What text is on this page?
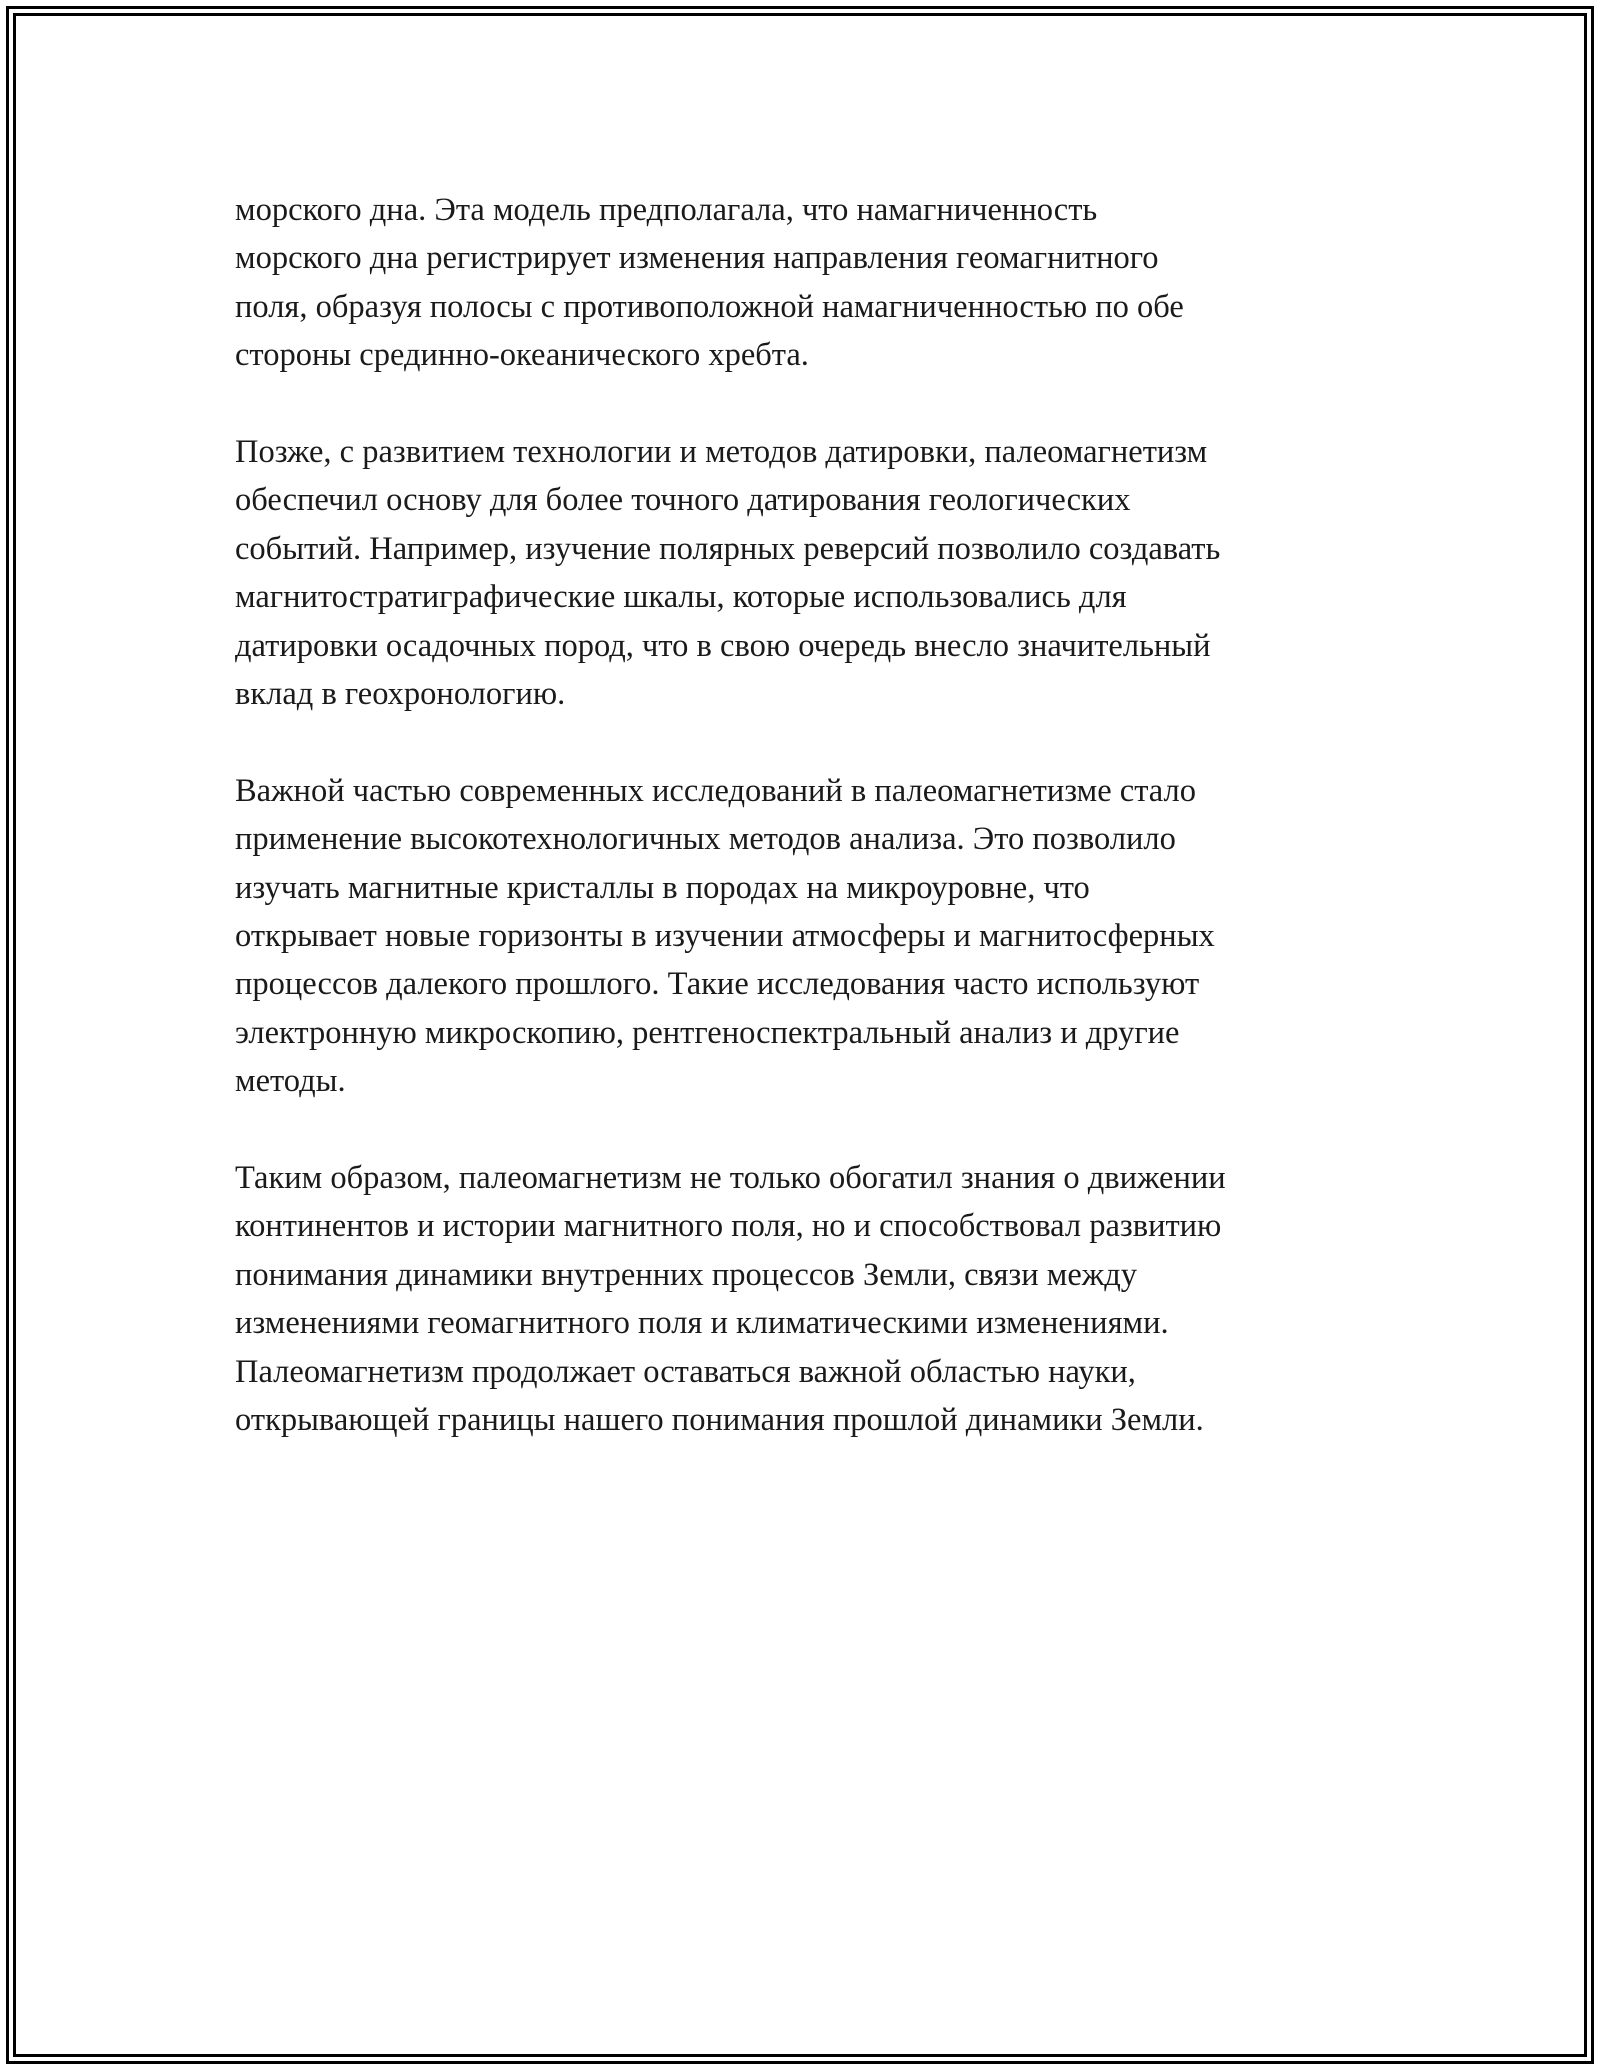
морского дна. Эта модель предполагала, что намагниченность
морского дна регистрирует изменения направления геомагнитного
поля, образуя полосы с противоположной намагниченностью по обе
стороны срединно-океанического хребта.

Позже, с развитием технологии и методов датировки, палеомагнетизм
обеспечил основу для более точного датирования геологических
событий. Например, изучение полярных реверсий позволило создавать
магнитостратиграфические шкалы, которые использовались для
датировки осадочных пород, что в свою очередь внесло значительный
вклад в геохронологию.

Важной частью современных исследований в палеомагнетизме стало
применение высокотехнологичных методов анализа. Это позволило
изучать магнитные кристаллы в породах на микроуровне, что
открывает новые горизонты в изучении атмосферы и магнитосферных
процессов далекого прошлого. Такие исследования часто используют
электронную микроскопию, рентгеноспектральный анализ и другие
методы.

Таким образом, палеомагнетизм не только обогатил знания о движении
континентов и истории магнитного поля, но и способствовал развитию
понимания динамики внутренних процессов Земли, связи между
изменениями геомагнитного поля и климатическими изменениями.
Палеомагнетизм продолжает оставаться важной областью науки,
открывающей границы нашего понимания прошлой динамики Земли.
